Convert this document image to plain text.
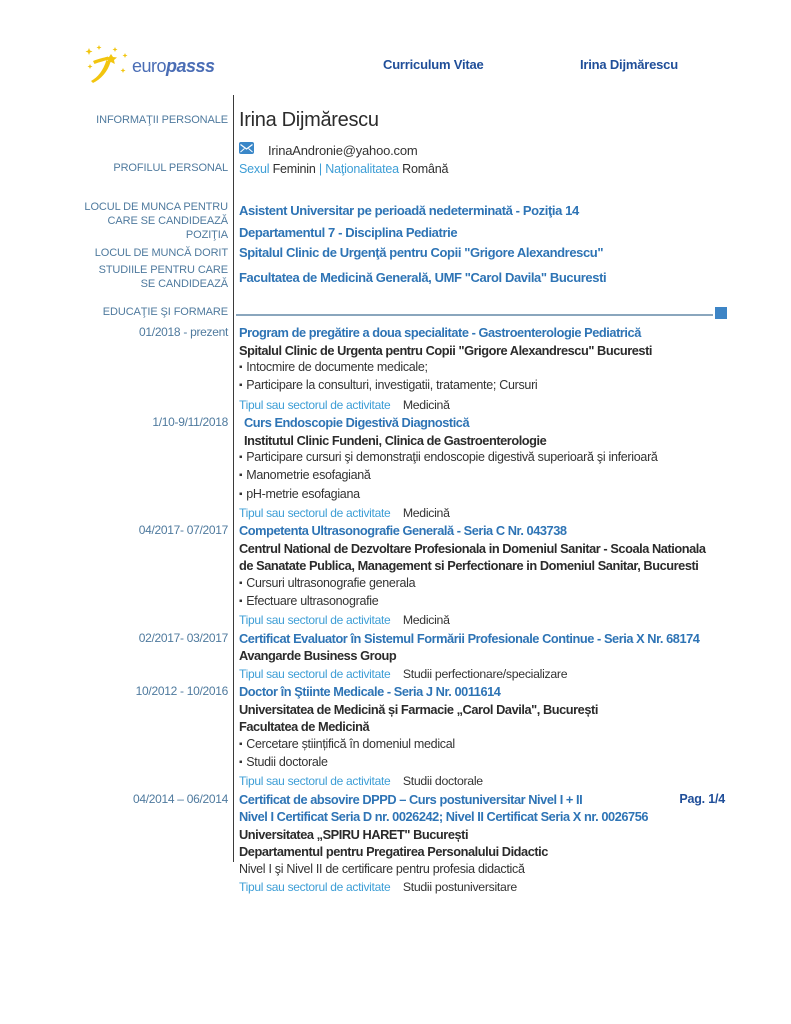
europasss	Curriculum Vitae	Irina Dijmărescu
INFORMAŢII PERSONALE Irina Dijmărescu
IrinaAndronie@yahoo.com
PROFILUL PERSONAL Sexul Feminin | Naţionalitatea Română
LOCUL DE MUNCA PENTRU
CARE SE CANDIDEAZĂ
POZIŢIA
Asistent Universitar pe perioadă nedeterminată - Poziţia 14
Departamentul 7 - Disciplina Pediatrie
LOCUL DE MUNCĂ DORIT Spitalul Clinic de Urgenţă pentru Copii "Grigore Alexandrescu"
STUDIILE PENTRU CARE
SE CANDIDEAZĂ Facultatea de Medicină Generală, UMF "Carol Davila" Bucuresti
EDUCAŢIE ŞI FORMARE
01/2018 - prezent Program de pregătire a doua specialitate - Gastroenterologie Pediatrică
Spitalul Clinic de Urgenta pentru Copii "Grigore Alexandrescu" Bucuresti
▪ Intocmire de documente medicale;
▪ Participare la consulturi, investigatii, tratamente; Cursuri
Tipul sau sectorul de activitate Medicină
1/10-9/11/2018	Curs Endoscopie Digestivă Diagnostică
Institutul Clinic Fundeni, Clinica de Gastroenterologie
▪ Participare cursuri şi demonstraţii endoscopie digestivă superioară şi inferioară
▪ Manometrie esofagiană
▪ pH-metrie esofagiana
Tipul sau sectorul de activitate Medicină
04/2017- 07/2017 Competenta Ultrasonografie Generală - Seria C Nr. 043738
Centrul National de Dezvoltare Profesionala in Domeniul Sanitar - Scoala Nationala
de Sanatate Publica, Management si Perfectionare in Domeniul Sanitar, Bucuresti
▪ Cursuri ultrasonografie generala
▪ Efectuare ultrasonografie
Tipul sau sectorul de activitate Medicină
02/2017- 03/2017 Certificat Evaluator în Sistemul Formării Profesionale Continue - Seria X Nr. 68174
Avangarde Business Group
Tipul sau sectorul de activitate Studii perfectionare/specializare
10/2012 - 10/2016 Doctor în Ştiinte Medicale - Seria J Nr. 0011614
Universitatea de Medicină și Farmacie „Carol Davila", București
Facultatea de Medicină
▪ Cercetare științifică în domeniul medical
▪ Studii doctorale
Tipul sau sectorul de activitate Studii doctorale
04/2014 – 06/2014 Certificat de absovire DPPD – Curs postuniversitar Nivel I + II
Nivel I Certificat Seria D nr. 0026242; Nivel II Certificat Seria X nr. 0026756
Universitatea „SPIRU HARET" București
Departamentul pentru Pregatirea Personalului Didactic
Nivel I şi Nivel II de certificare pentru profesia didactică
Tipul sau sectorul de activitate Studii postuniversitare
Pag. 1/4
